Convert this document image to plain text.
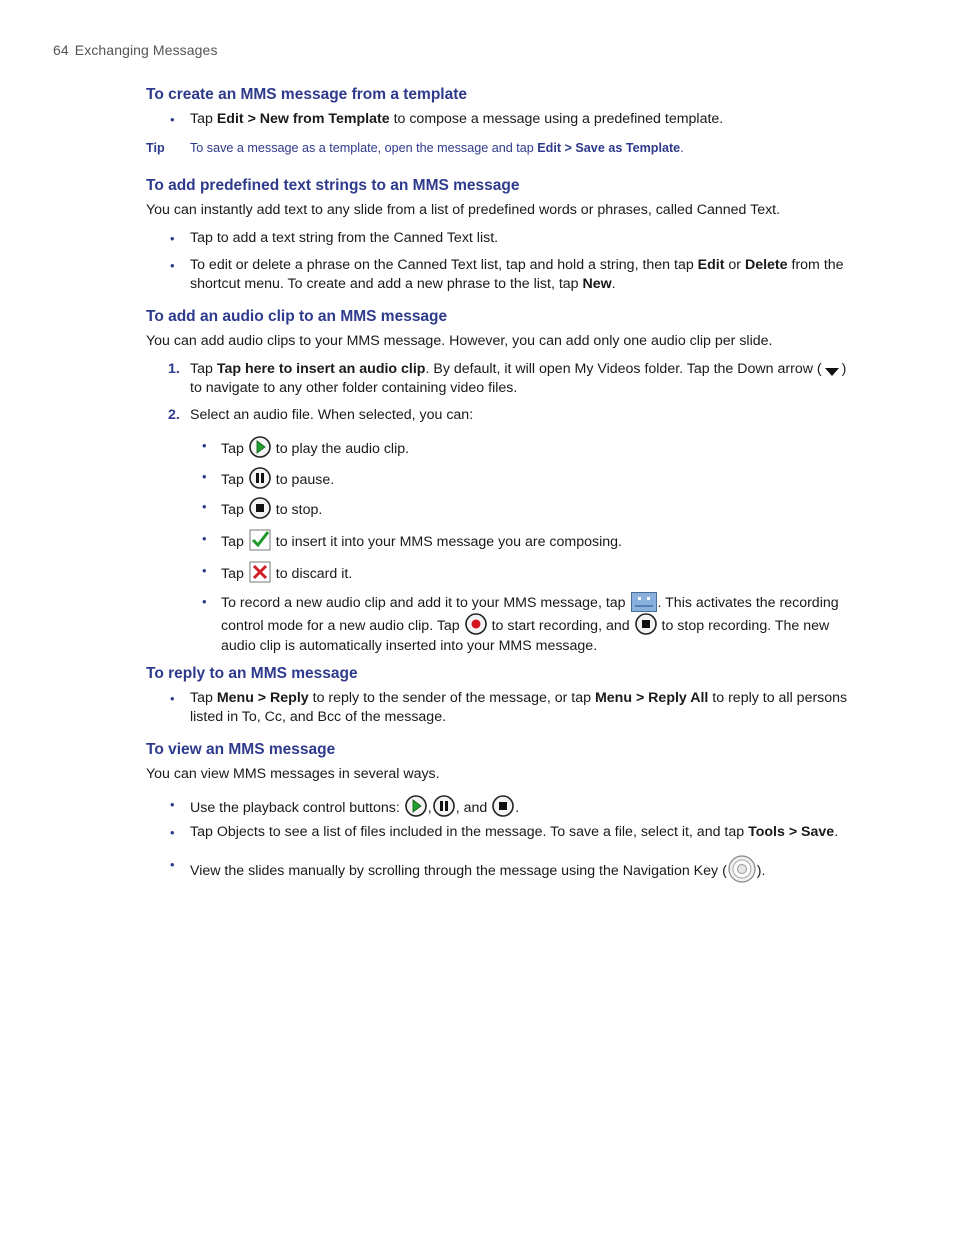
64 Exchanging Messages
To create an MMS message from a template
• Tap Edit > New from Template to compose a message using a predefined template.
Tip To save a message as a template, open the message and tap Edit > Save as Template.
To add predefined text strings to an MMS message

You can instantly add text to any slide from a list of predefined words or phrases, called Canned Text.

• Tap to add a text string from the Canned Text list.
• To edit or delete a phrase on the Canned Text list, tap and hold a string, then tap Edit or Delete from the shortcut menu. To create and add a new phrase to the list, tap New.
To add an audio clip to an MMS message

You can add audio clips to your MMS message. However, you can add only one audio clip per slide.

1. Tap Tap here to insert an audio clip. By default, it will open My Videos folder. Tap the Down arrow ( ) to navigate to any other folder containing video files.
2. Select an audio file. When selected, you can:
• Tap to play the audio clip.
• Tap to pause.
• Tap to stop.
• Tap to insert it into your MMS message you are composing.
• Tap to discard it.
• To record a new audio clip and add it to your MMS message, tap . This activates the recording control mode for a new audio clip. Tap to start recording, and to stop recording. The new audio clip is automatically inserted into your MMS message.
To reply to an MMS message
• Tap Menu > Reply to reply to the sender of the message, or tap Menu > Reply All to reply to all persons listed in To, Cc, and Bcc of the message.
To view an MMS message

You can view MMS messages in several ways.

• Use the playback control buttons:
, , and
.
• Tap Objects to see a list of files included in the message. To save a file, select it, and tap Tools > Save.
• View the slides manually by scrolling through the message using the Navigation Key ( ).
